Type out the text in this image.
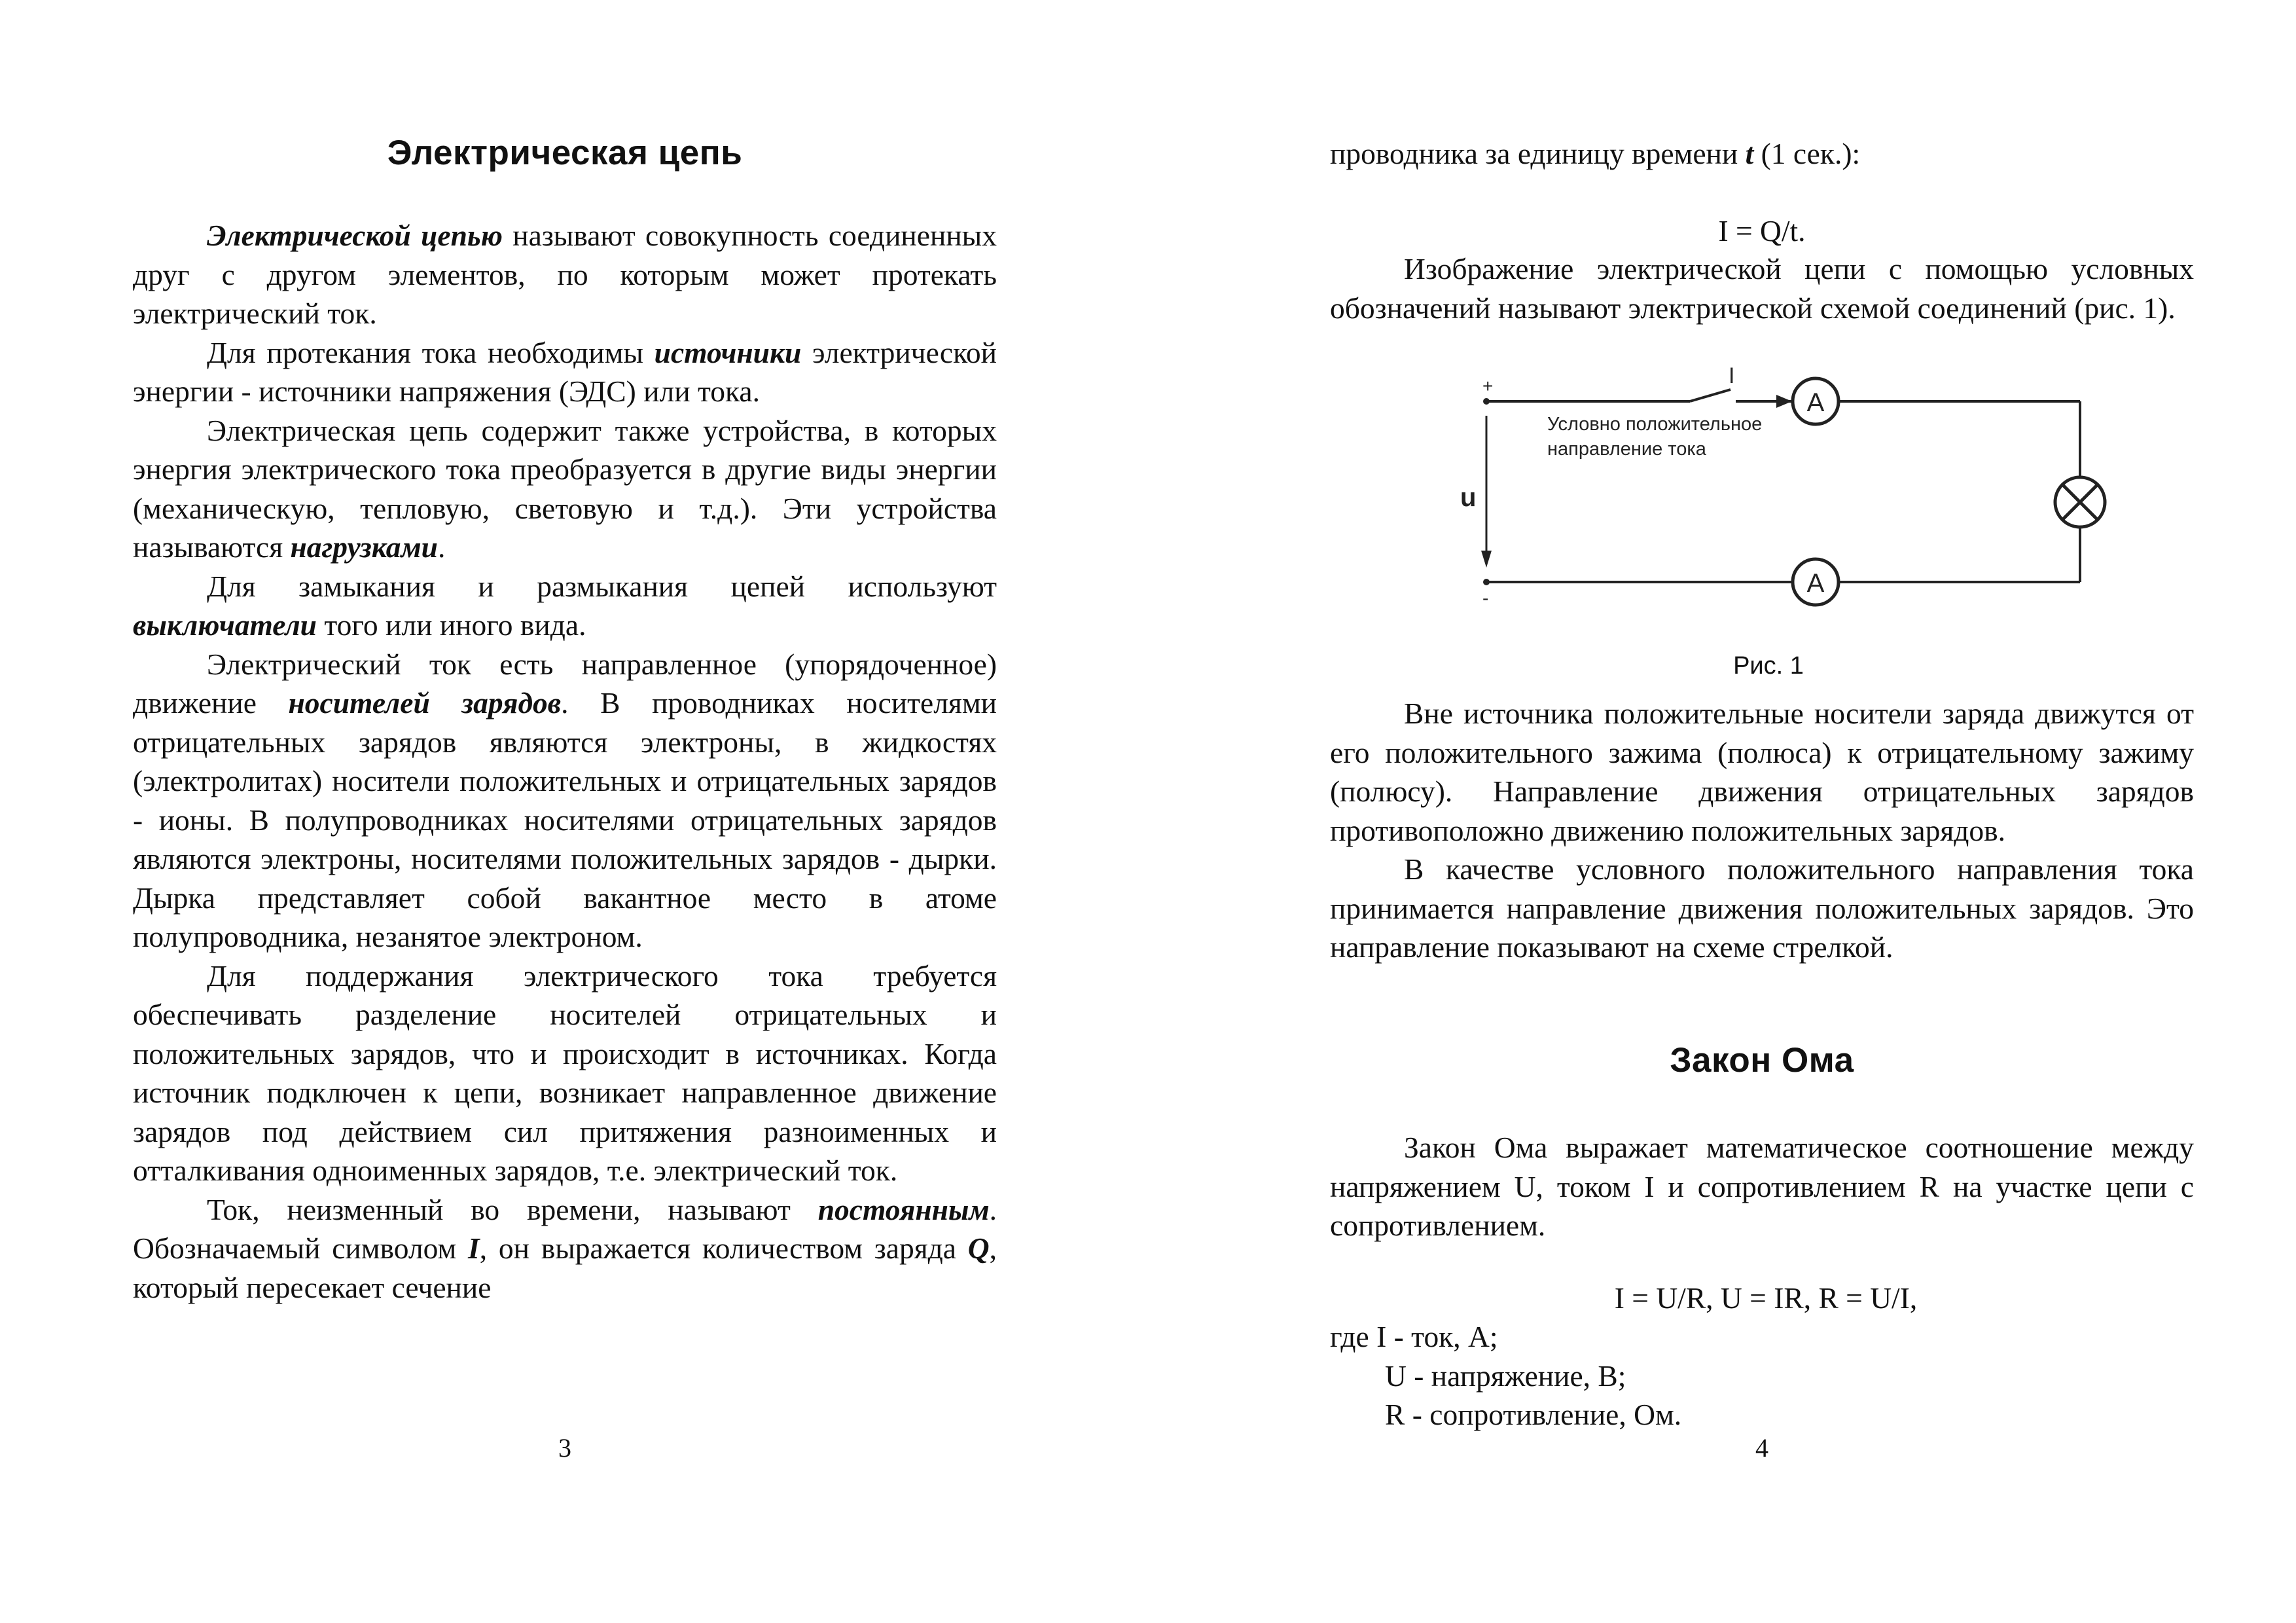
Электрическая цепь

Электрической цепью называют совокупность соединенных друг с другом элементов, по которым может протекать электрический ток.

Для протекания тока необходимы источники электрической энергии - источники напряжения (ЭДС) или тока.

Электрическая цепь содержит также устройства, в которых энергия электрического тока преобразуется в другие виды энергии (механическую, тепловую, световую и т.д.). Эти устройства называются нагрузками.

Для замыкания и размыкания цепей используют выключатели того или иного вида.

Электрический ток есть направленное (упорядоченное) движение носителей зарядов. В проводниках носителями отрицательных зарядов являются электроны, в жидкостях (электролитах) носители положительных и отрицательных зарядов - ионы. В полупроводниках носителями отрицательных зарядов являются электроны, носителями положительных зарядов - дырки. Дырка представляет собой вакантное место в атоме полупроводника, незанятое электроном.

Для поддержания электрического тока требуется обеспечивать разделение носителей отрицательных и положительных зарядов, что и происходит в источниках. Когда источник подключен к цепи, возникает направленное движение зарядов под действием сил притяжения разноименных и отталкивания одноименных зарядов, т.е. электрический ток.

Ток, неизменный во времени, называют постоянным. Обозначаемый символом I, он выражается количеством заряда Q, который пересекает сечение

3

проводника за единицу времени t (1 сек.):

I = Q/t.

Изображение электрической цепи с помощью условных обозначений называют электрической схемой соединений (рис. 1).

A
A
I
Условно положительное
направление тока
u
+
-
Рис. 1

Вне источника положительные носители заряда движутся от его положительного зажима (полюса) к отрицательному зажиму (полюсу). Направление движения отрицательных зарядов противоположно движению положительных зарядов.

В качестве условного положительного направления тока принимается направление движения положительных зарядов. Это направление показывают на схеме стрелкой.

Закон Ома

Закон Ома выражает математическое соотношение между напряжением U, током I и сопротивлением R на участке цепи с сопротивлением.

I = U/R, U = IR, R = U/I,
где I - ток, А;
U - напряжение, В;
R - сопротивление, Ом.
4
